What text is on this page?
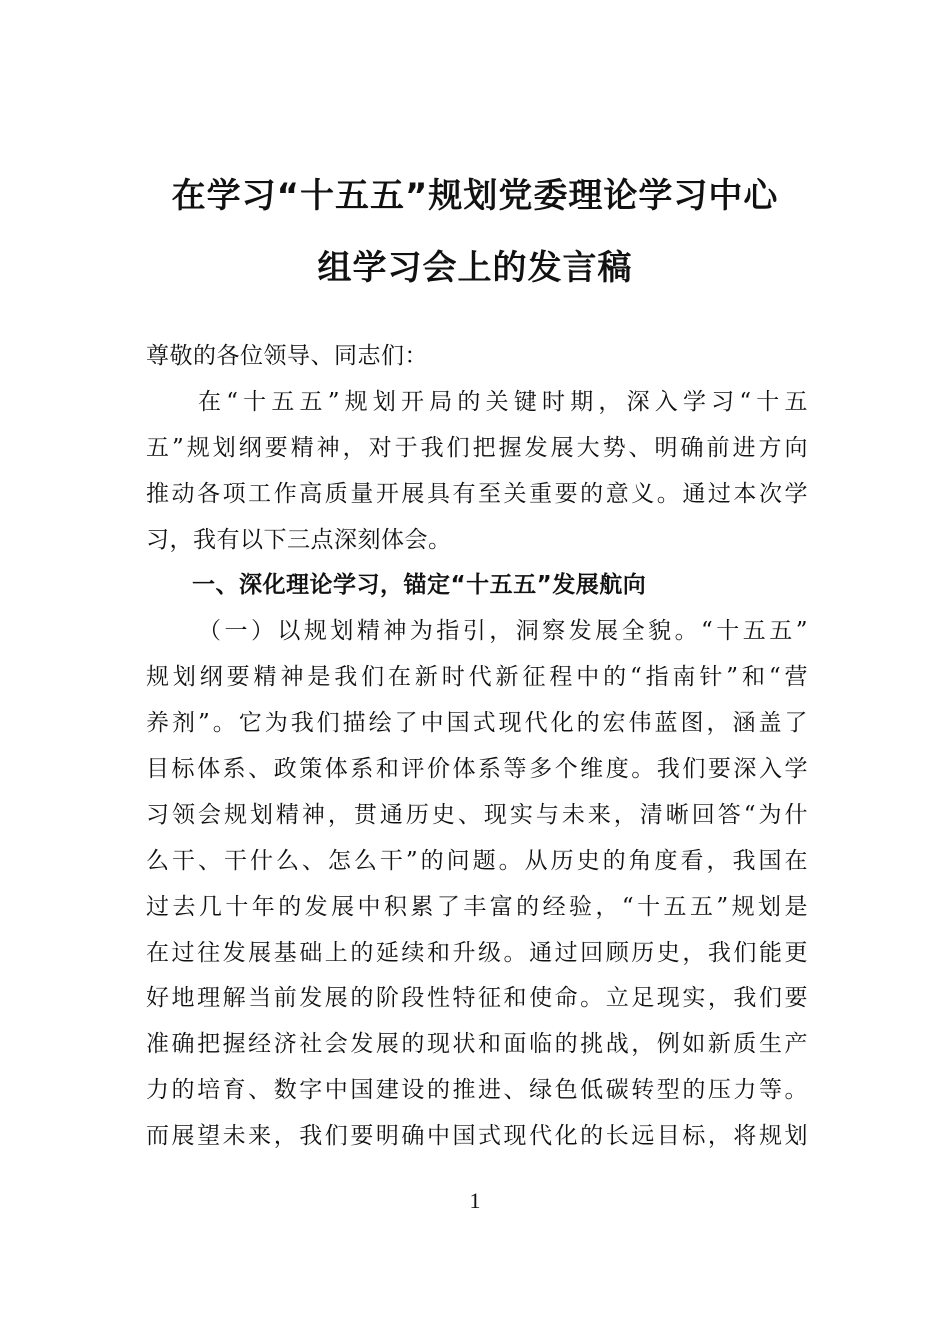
在学习“十五五”规划党委理论学习中心
组学习会上的发言稿
尊敬的各位领导、同志们：
在“十五五”规划开局的关键时期，深入学习“十五
五”规划纲要精神，对于我们把握发展大势、明确前进方向
推动各项工作高质量开展具有至关重要的意义。通过本次学
习，我有以下三点深刻体会。
一、深化理论学习，锚定“十五五”发展航向
（一）以规划精神为指引，洞察发展全貌。“十五五”
规划纲要精神是我们在新时代新征程中的“指南针”和“营
养剂”。它为我们描绘了中国式现代化的宏伟蓝图，涵盖了
目标体系、政策体系和评价体系等多个维度。我们要深入学
习领会规划精神，贯通历史、现实与未来，清晰回答“为什
么干、干什么、怎么干”的问题。从历史的角度看，我国在
过去几十年的发展中积累了丰富的经验，“十五五”规划是
在过往发展基础上的延续和升级。通过回顾历史，我们能更
好地理解当前发展的阶段性特征和使命。立足现实，我们要
准确把握经济社会发展的现状和面临的挑战，例如新质生产
力的培育、数字中国建设的推进、绿色低碳转型的压力等。
而展望未来，我们要明确中国式现代化的长远目标，将规划
1
